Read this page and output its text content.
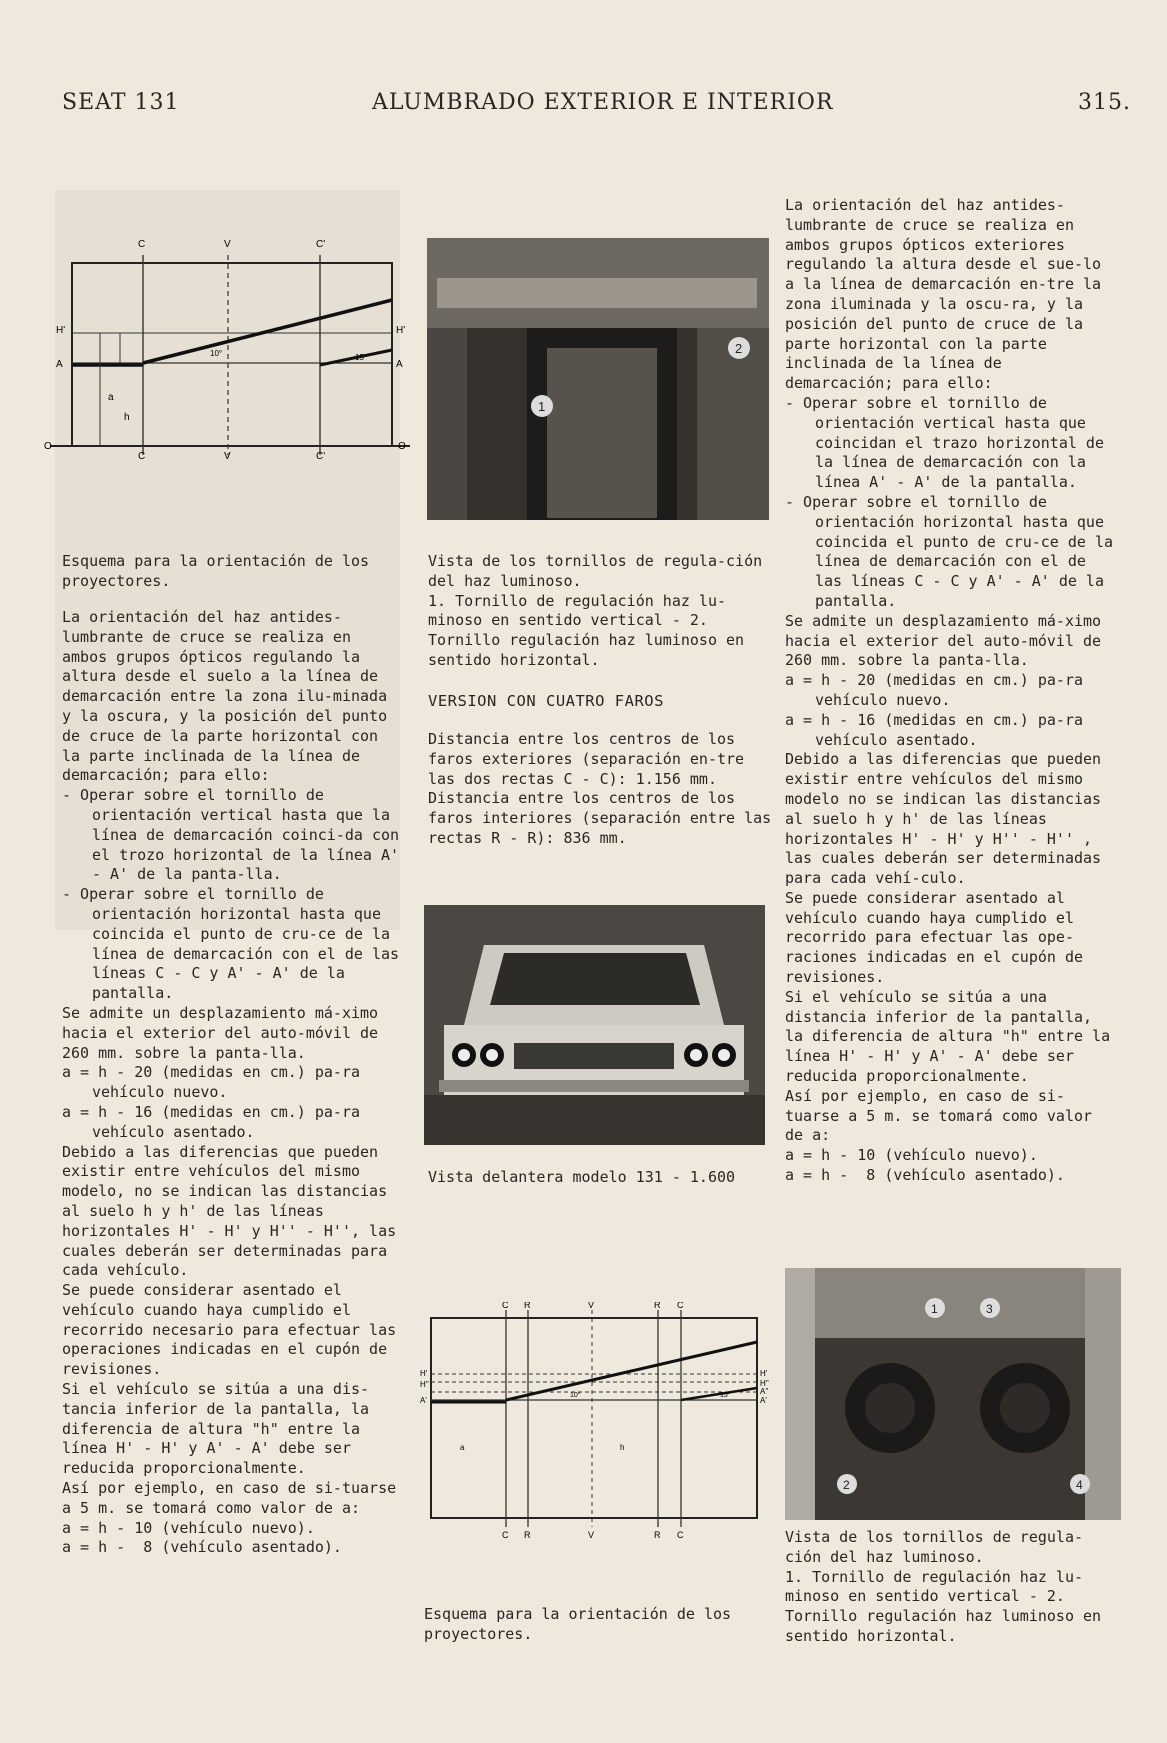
SEAT 131	ALUMBRADO EXTERIOR E INTERIOR	315.
C	V	C'
H'	H'
A	A
O	O
a
h
10°	15°
C	V	C'
Esquema para la orientación de los proyectores.

La orientación del haz antides-lumbrante de cruce se realiza en ambos grupos ópticos regulando la altura desde el suelo a la línea de demarcación entre la zona ilu-minada y la oscura, y la posición del punto de cruce de la parte horizontal con la parte inclinada de la línea de demarcación; para ello:

- Operar sobre el tornillo de orientación vertical hasta que la línea de demarcación coinci-da con el trozo horizontal de la línea A' - A' de la panta-lla.

- Operar sobre el tornillo de orientación horizontal hasta que coincida el punto de cru-ce de la línea de demarcación con el de las líneas C - C y A' - A' de la pantalla.

Se admite un desplazamiento má-ximo hacia el exterior del auto-móvil de 260 mm. sobre la panta-lla.

a = h - 20 (medidas en cm.) pa-ra vehículo nuevo.

a = h - 16 (medidas en cm.) pa-ra vehículo asentado.

Debido a las diferencias que pueden existir entre vehículos del mismo modelo, no se indican las distancias al suelo h y h' de las líneas horizontales H' - H' y H'' - H'', las cuales deberán ser determinadas para cada vehículo.

Se puede considerar asentado el vehículo cuando haya cumplido el recorrido necesario para efectuar las operaciones indicadas en el cupón de revisiones.

Si el vehículo se sitúa a una dis-tancia inferior de la pantalla, la diferencia de altura "h" entre la línea H' - H' y A' - A' debe ser reducida proporcionalmente.

Así por ejemplo, en caso de si-tuarse a 5 m. se tomará como valor de a:

a = h - 10 (vehículo nuevo).

a = h -  8 (vehículo asentado).

1
2
Vista de los tornillos de regula-ción del haz luminoso.
1. Tornillo de regulación haz lu-minoso en sentido vertical - 2. Tornillo regulación haz luminoso en sentido horizontal.
VERSION CON CUATRO FAROS

Distancia entre los centros de los faros exteriores (separación en-tre las dos rectas C - C): 1.156 mm.

Distancia entre los centros de los faros interiores (separación entre las rectas R - R): 836 mm.

Vista delantera modelo 131 - 1.600
C R	V	R C
H'
H''
A'
H'
H''
A''
A'
10°	15°
a	h
C R	V	R C
Esquema para la orientación de los proyectores.

La orientación del haz antides-lumbrante de cruce se realiza en ambos grupos ópticos exteriores regulando la altura desde el sue-lo a la línea de demarcación en-tre la zona iluminada y la oscu-ra, y la posición del punto de cruce de la parte horizontal con la parte inclinada de la línea de demarcación; para ello:

- Operar sobre el tornillo de orientación vertical hasta que coincidan el trazo horizontal de la línea de demarcación con la línea A' - A' de la pantalla.

- Operar sobre el tornillo de orientación horizontal hasta que coincida el punto de cru-ce de la línea de demarcación con el de las líneas C - C y A' - A' de la pantalla.

Se admite un desplazamiento má-ximo hacia el exterior del auto-móvil de 260 mm. sobre la panta-lla.

a = h - 20 (medidas en cm.) pa-ra vehículo nuevo.

a = h - 16 (medidas en cm.) pa-ra vehículo asentado.

Debido a las diferencias que pueden existir entre vehículos del mismo modelo no se indican las distancias al suelo h y h' de las líneas horizontales H' - H' y H'' - H'' , las cuales deberán ser determinadas para cada vehí-culo.

Se puede considerar asentado al vehículo cuando haya cumplido el recorrido para efectuar las ope-raciones indicadas en el cupón de revisiones.

Si el vehículo se sitúa a una distancia inferior de la pantalla, la diferencia de altura "h" entre la línea H' - H' y A' - A' debe ser reducida proporcionalmente.

Así por ejemplo, en caso de si-tuarse a 5 m. se tomará como valor de a:

a = h - 10 (vehículo nuevo).

a = h -  8 (vehículo asentado).

1	3
2	4
Vista de los tornillos de regula-ción del haz luminoso.
1. Tornillo de regulación haz lu-minoso en sentido vertical - 2. Tornillo regulación haz luminoso en sentido horizontal.
